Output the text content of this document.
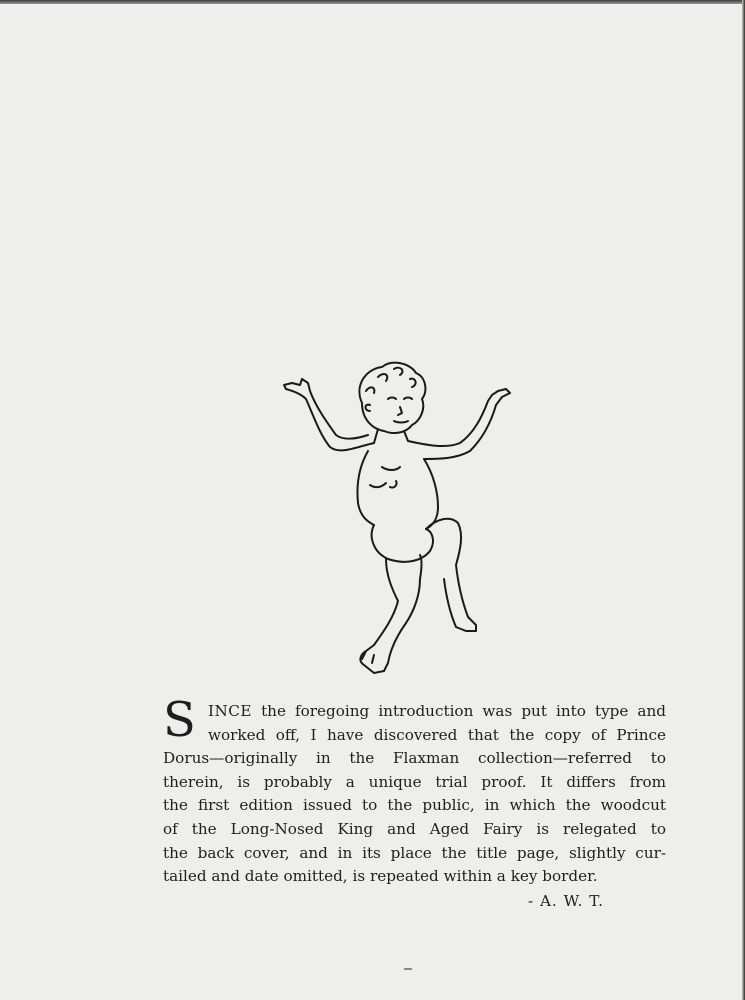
S INCE the foregoing introduction was put into type and
worked off, I have discovered that the copy of Prince
Dorus—originally in the Flaxman collection—referred to
therein, is probably a unique trial proof. It differs from
the first edition issued to the public, in which the woodcut
of the Long-Nosed King and Aged Fairy is relegated to
the back cover, and in its place the title page, slightly cur-
tailed and date omitted, is repeated within a key border.
- A. W. T.
